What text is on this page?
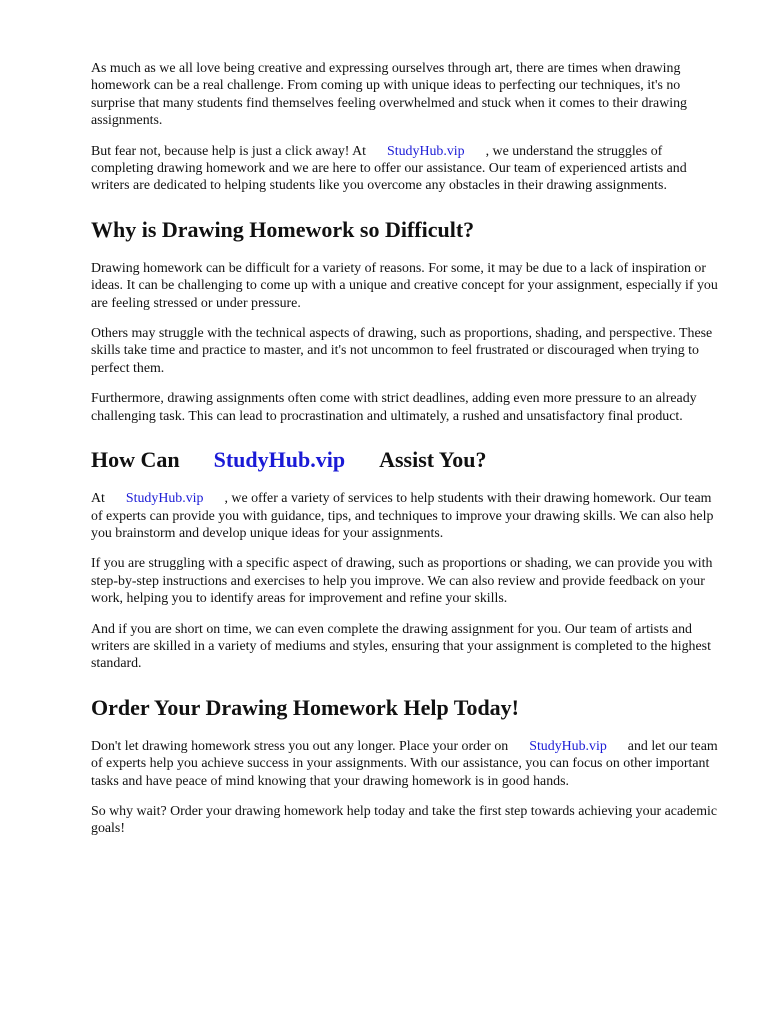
As much as we all love being creative and expressing ourselves through art, there are times when drawing homework can be a real challenge. From coming up with unique ideas to perfecting our techniques, it's no surprise that many students find themselves feeling overwhelmed and stuck when it comes to their drawing assignments.

But fear not, because help is just a click away! At StudyHub.vip , we understand the struggles of completing drawing homework and we are here to offer our assistance. Our team of experienced artists and writers are dedicated to helping students like you overcome any obstacles in their drawing assignments.

Why is Drawing Homework so Difficult?

Drawing homework can be difficult for a variety of reasons. For some, it may be due to a lack of inspiration or ideas. It can be challenging to come up with a unique and creative concept for your assignment, especially if you are feeling stressed or under pressure.

Others may struggle with the technical aspects of drawing, such as proportions, shading, and perspective. These skills take time and practice to master, and it's not uncommon to feel frustrated or discouraged when trying to perfect them.

Furthermore, drawing assignments often come with strict deadlines, adding even more pressure to an already challenging task. This can lead to procrastination and ultimately, a rushed and unsatisfactory final product.

How Can StudyHub.vip Assist You?

At StudyHub.vip , we offer a variety of services to help students with their drawing homework. Our team of experts can provide you with guidance, tips, and techniques to improve your drawing skills. We can also help you brainstorm and develop unique ideas for your assignments.

If you are struggling with a specific aspect of drawing, such as proportions or shading, we can provide you with step-by-step instructions and exercises to help you improve. We can also review and provide feedback on your work, helping you to identify areas for improvement and refine your skills.

And if you are short on time, we can even complete the drawing assignment for you. Our team of artists and writers are skilled in a variety of mediums and styles, ensuring that your assignment is completed to the highest standard.

Order Your Drawing Homework Help Today!

Don't let drawing homework stress you out any longer. Place your order on StudyHub.vip and let our team of experts help you achieve success in your assignments. With our assistance, you can focus on other important tasks and have peace of mind knowing that your drawing homework is in good hands.

So why wait? Order your drawing homework help today and take the first step towards achieving your academic goals!
